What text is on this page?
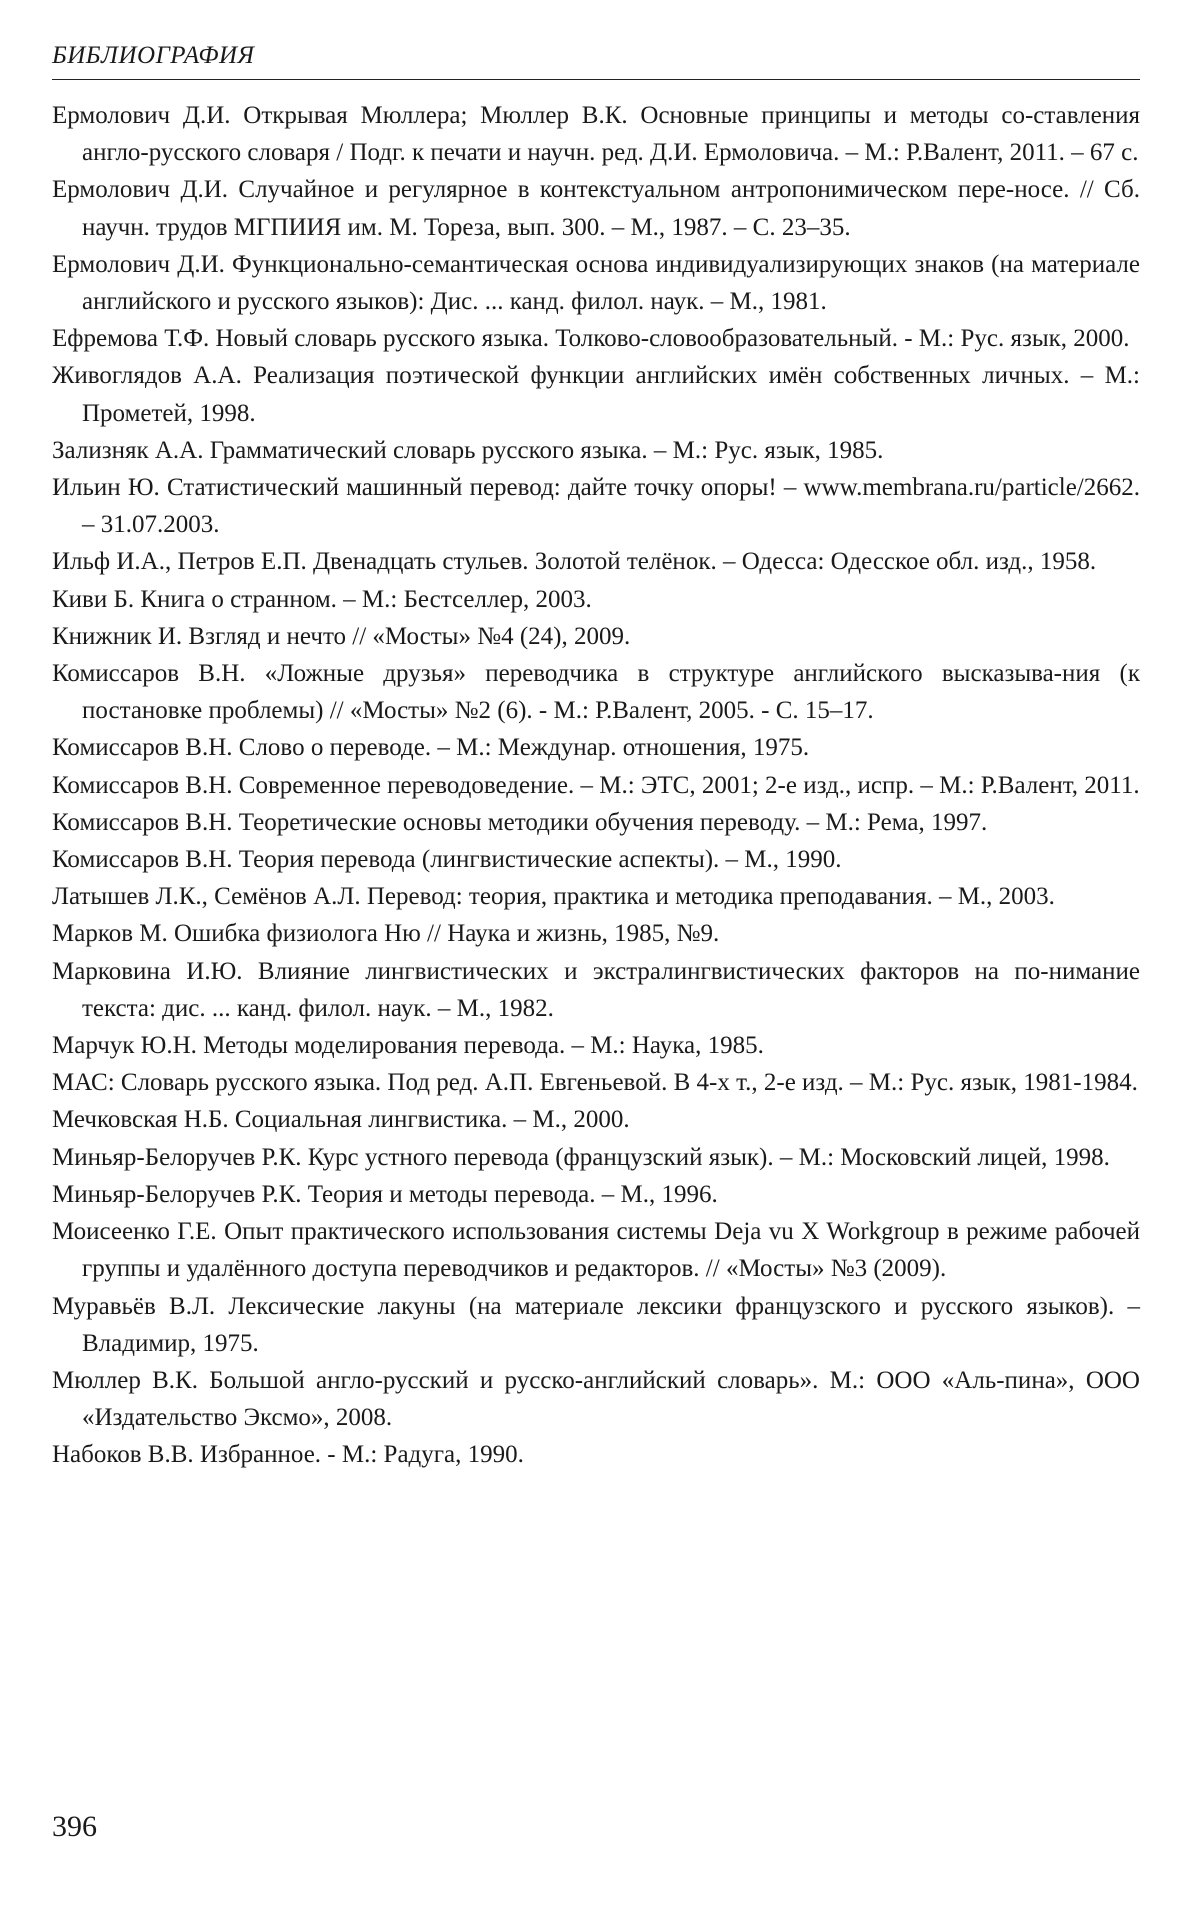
БИБЛИОГРАФИЯ
Ермолович Д.И. Открывая Мюллера; Мюллер В.К. Основные принципы и методы со-ставления англо-русского словаря / Подг. к печати и научн. ред. Д.И. Ермоловича. – М.: Р.Валент, 2011. – 67 с.
Ермолович Д.И. Случайное и регулярное в контекстуальном антропонимическом пере-носе. // Сб. научн. трудов МГПИИЯ им. М. Тореза, вып. 300. – М., 1987. – С. 23–35.
Ермолович Д.И. Функционально-семантическая основа индивидуализирующих знаков (на материале английского и русского языков): Дис. ... канд. филол. наук. – М., 1981.
Ефремова Т.Ф. Новый словарь русского языка. Толково-словообразовательный. - М.: Рус. язык, 2000.
Живоглядов А.А. Реализация поэтической функции английских имён собственных личных. – М.: Прометей, 1998.
Зализняк А.А. Грамматический словарь русского языка. – М.: Рус. язык, 1985.
Ильин Ю. Статистический машинный перевод: дайте точку опоры! – www.membrana.ru/particle/2662. – 31.07.2003.
Ильф И.А., Петров Е.П. Двенадцать стульев. Золотой телёнок. – Одесса: Одесское обл. изд., 1958.
Киви Б. Книга о странном. – М.: Бестселлер, 2003.
Книжник И. Взгляд и нечто // «Мосты» №4 (24), 2009.
Комиссаров В.Н. «Ложные друзья» переводчика в структуре английского высказыва-ния (к постановке проблемы) // «Мосты» №2 (6). - М.: Р.Валент, 2005. - С. 15–17.
Комиссаров В.Н. Слово о переводе. – М.: Междунар. отношения, 1975.
Комиссаров В.Н. Современное переводоведение. – М.: ЭТС, 2001; 2-е изд., испр. – М.: Р.Валент, 2011.
Комиссаров В.Н. Теоретические основы методики обучения переводу. – М.: Рема, 1997.
Комиссаров В.Н. Теория перевода (лингвистические аспекты). – М., 1990.
Латышев Л.К., Семёнов А.Л. Перевод: теория, практика и методика преподавания. – М., 2003.
Марков М. Ошибка физиолога Hю // Наука и жизнь, 1985, №9.
Марковина И.Ю. Влияние лингвистических и экстралингвистических факторов на по-нимание текста: дис. ... канд. филол. наук. – М., 1982.
Марчук Ю.Н. Методы моделирования перевода. – М.: Наука, 1985.
МАС: Словарь русского языка. Под ред. А.П. Евгеньевой. В 4-х т., 2-е изд. – М.: Рус. язык, 1981-1984.
Мечковская Н.Б. Социальная лингвистика. – М., 2000.
Миньяр-Белоручев Р.К. Курс устного перевода (французский язык). – М.: Московский лицей, 1998.
Миньяр-Белоручев Р.К. Теория и методы перевода. – М., 1996.
Моисеенко Г.Е. Опыт практического использования системы Deja vu X Workgroup в режиме рабочей группы и удалённого доступа переводчиков и редакторов. // «Мосты» №3 (2009).
Муравьёв В.Л. Лексические лакуны (на материале лексики французского и русского языков). – Владимир, 1975.
Мюллер В.К. Большой англо-русский и русско-английский словарь». М.: ООО «Аль-пина», ООО «Издательство Эксмо», 2008.
Набоков В.В. Избранное. - М.: Радуга, 1990.
396
